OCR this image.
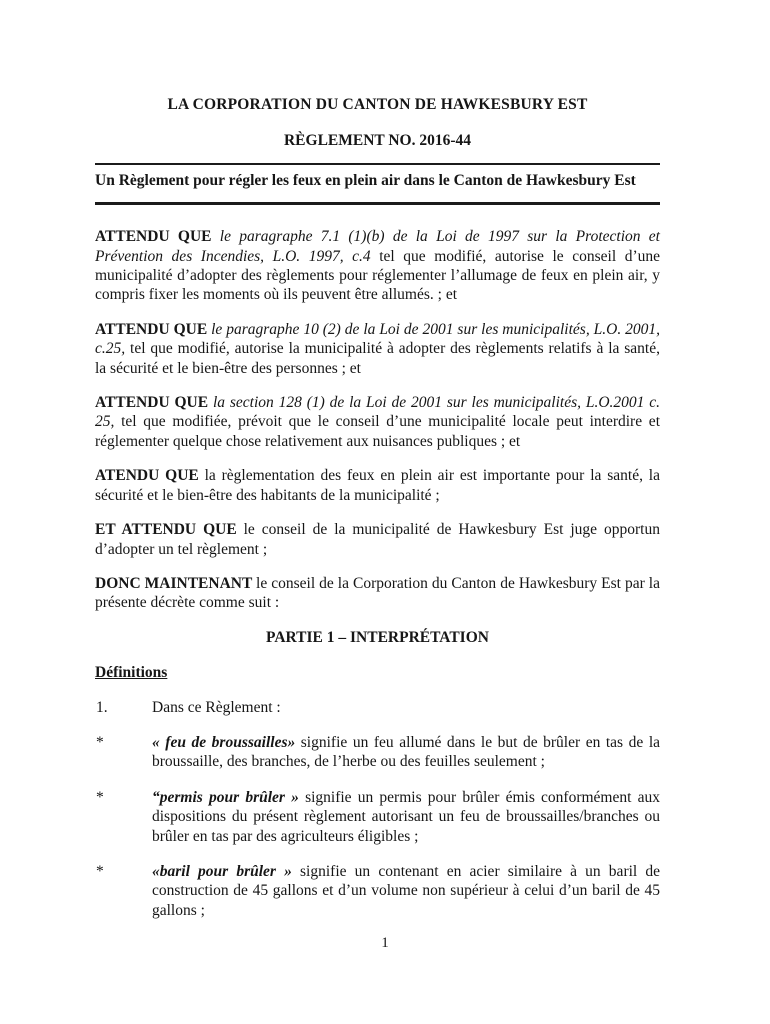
LA CORPORATION DU CANTON DE HAWKESBURY EST
RÈGLEMENT NO. 2016-44
Un Règlement pour régler les feux en plein air dans le Canton de Hawkesbury Est

ATTENDU QUE le paragraphe 7.1 (1)(b) de la Loi de 1997 sur la Protection et Prévention des Incendies, L.O. 1997, c.4 tel que modifié, autorise le conseil d’une municipalité d’adopter des règlements pour réglementer l’allumage de feux en plein air, y compris fixer les moments où ils peuvent être allumés. ; et

ATTENDU QUE le paragraphe 10 (2) de la Loi de 2001 sur les municipalités, L.O. 2001, c.25, tel que modifié, autorise la municipalité à adopter des règlements relatifs à la santé, la sécurité et le bien-être des personnes ; et

ATTENDU QUE la section 128 (1) de la Loi de 2001 sur les municipalités, L.O.2001 c. 25, tel que modifiée, prévoit que le conseil d’une municipalité locale peut interdire et réglementer quelque chose relativement aux nuisances publiques ; et

ATENDU QUE la règlementation des feux en plein air est importante pour la santé, la sécurité et le bien-être des habitants de la municipalité ;

ET ATTENDU QUE le conseil de la municipalité de Hawkesbury Est juge opportun d’adopter un tel règlement ;

DONC MAINTENANT le conseil de la Corporation du Canton de Hawkesbury Est par la présente décrète comme suit :

PARTIE 1 – INTERPRÉTATION
Définitions
1.	Dans ce Règlement :
*	« feu de broussailles» signifie un feu allumé dans le but de brûler en tas de la broussaille, des branches, de l’herbe ou des feuilles seulement ;
*	“permis pour brûler » signifie un permis pour brûler émis conformément aux dispositions du présent règlement autorisant un feu de broussailles/branches ou brûler en tas par des agriculteurs éligibles ;
*	«baril pour brûler » signifie un contenant en acier similaire à un baril de construction de 45 gallons et d’un volume non supérieur à celui d’un baril de 45 gallons ;
1
